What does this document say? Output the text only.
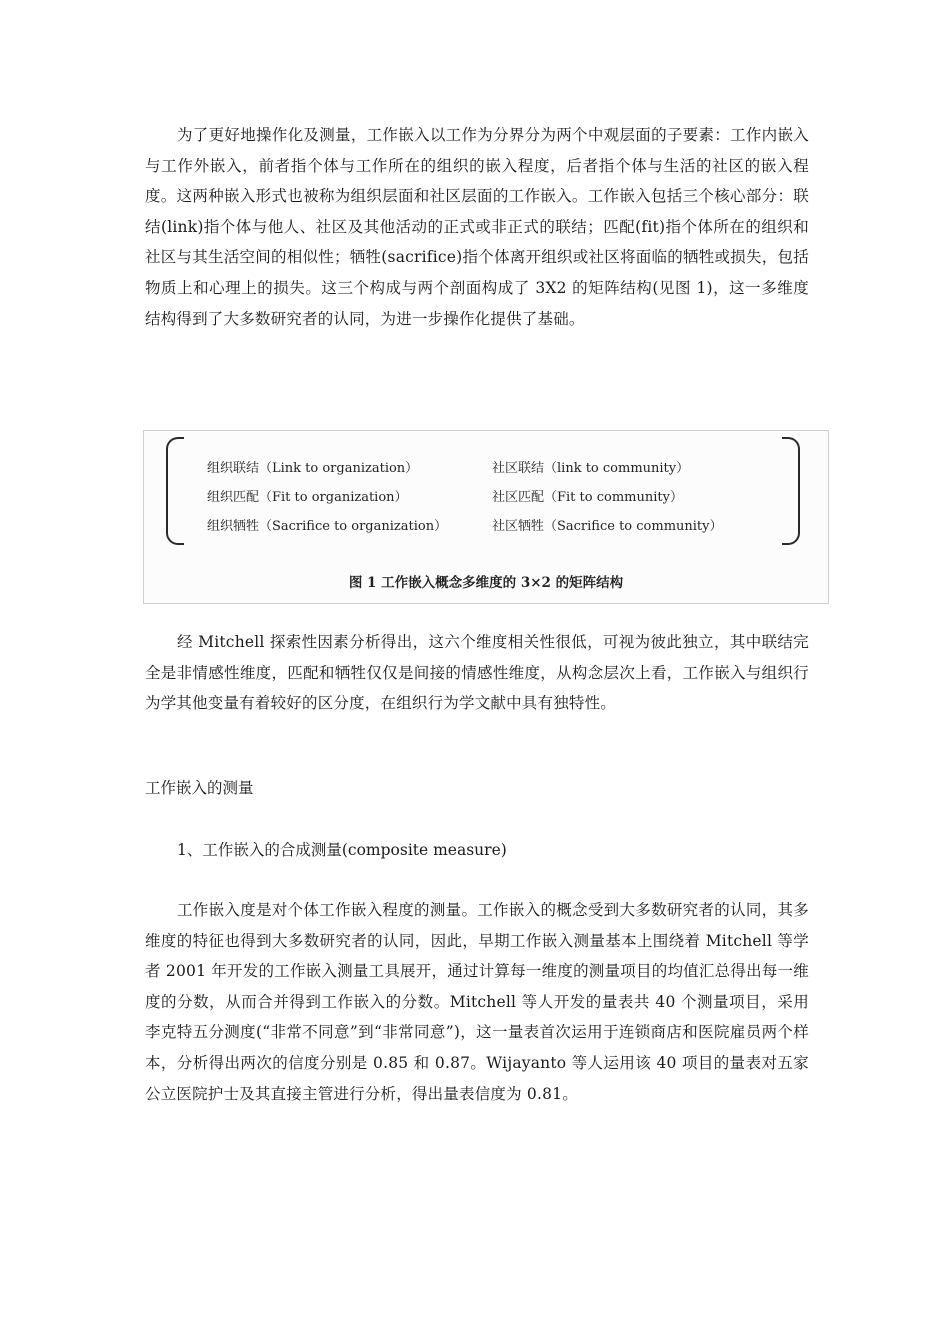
为了更好地操作化及测量，工作嵌入以工作为分界分为两个中观层面的子要素：工作内嵌入与工作外嵌入，前者指个体与工作所在的组织的嵌入程度，后者指个体与生活的社区的嵌入程度。这两种嵌入形式也被称为组织层面和社区层面的工作嵌入。工作嵌入包括三个核心部分：联结(link)指个体与他人、社区及其他活动的正式或非正式的联结；匹配(fit)指个体所在的组织和社区与其生活空间的相似性；牺牲(sacrifice)指个体离开组织或社区将面临的牺牲或损失，包括物质上和心理上的损失。这三个构成与两个剖面构成了 3X2 的矩阵结构(见图 1)，这一多维度结构得到了大多数研究者的认同，为进一步操作化提供了基础。

组织联结（Link to organization）
组织匹配（Fit to organization）
组织牺牲（Sacrifice to organization）
社区联结（link to community）
社区匹配（Fit to community）
社区牺牲（Sacrifice to community）
图 1 工作嵌入概念多维度的 3×2 的矩阵结构

经 Mitchell 探索性因素分析得出，这六个维度相关性很低，可视为彼此独立，其中联结完全是非情感性维度，匹配和牺牲仅仅是间接的情感性维度，从构念层次上看，工作嵌入与组织行为学其他变量有着较好的区分度，在组织行为学文献中具有独特性。

工作嵌入的测量

1、工作嵌入的合成测量(composite measure)

工作嵌入度是对个体工作嵌入程度的测量。工作嵌入的概念受到大多数研究者的认同，其多维度的特征也得到大多数研究者的认同，因此，早期工作嵌入测量基本上围绕着 Mitchell 等学者 2001 年开发的工作嵌入测量工具展开，通过计算每一维度的测量项目的均值汇总得出每一维度的分数，从而合并得到工作嵌入的分数。Mitchell 等人开发的量表共 40 个测量项目，采用李克特五分测度(“非常不同意”到“非常同意”)，这一量表首次运用于连锁商店和医院雇员两个样本，分析得出两次的信度分别是 0.85 和 0.87。Wijayanto 等人运用该 40 项目的量表对五家公立医院护士及其直接主管进行分析，得出量表信度为 0.81。
